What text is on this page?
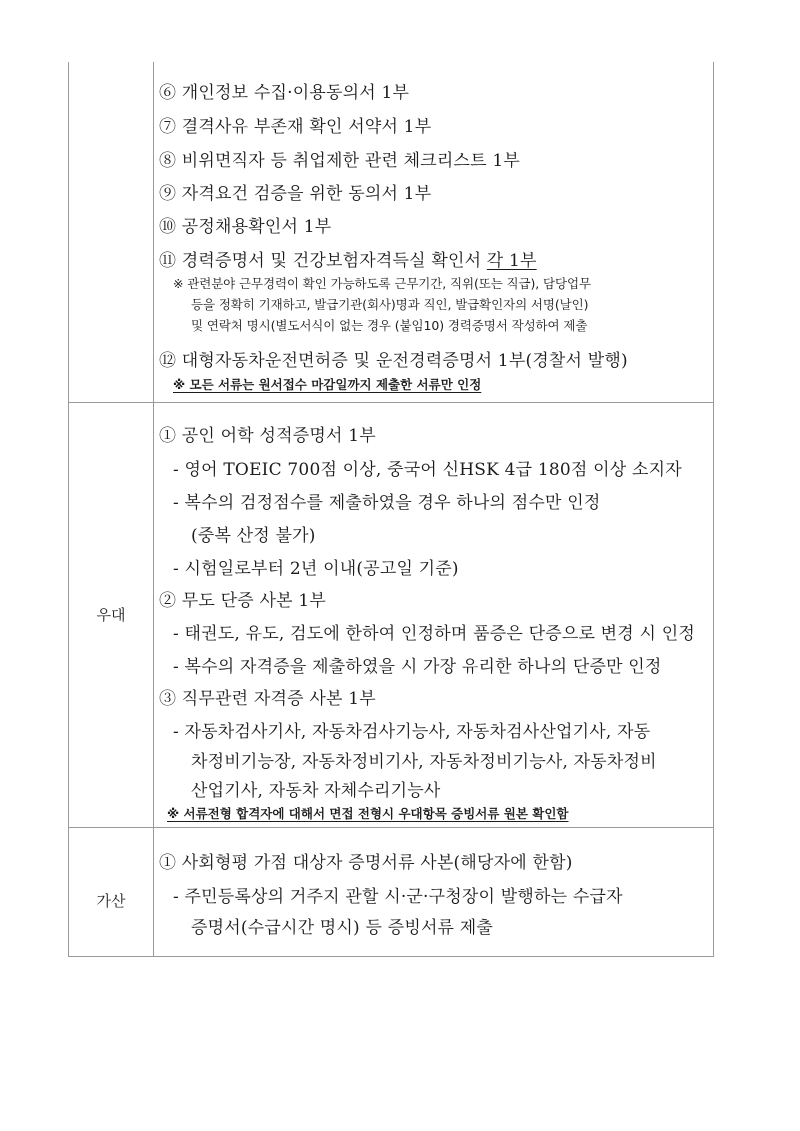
⑥ 개인정보 수집·이용동의서 1부
⑦ 결격사유 부존재 확인 서약서 1부
⑧ 비위면직자 등 취업제한 관련 체크리스트 1부
⑨ 자격요건 검증을 위한 동의서 1부
⑩ 공정채용확인서 1부
⑪ 경력증명서 및 건강보험자격득실 확인서 각 1부
※ 관련분야 근무경력이 확인 가능하도록 근무기간, 직위(또는 직급), 담당업무
등을 정확히 기재하고, 발급기관(회사)명과 직인, 발급확인자의 서명(날인)
및 연락처 명시(별도서식이 없는 경우 (붙임10) 경력증명서 작성하여 제출
⑫ 대형자동차운전면허증 및 운전경력증명서 1부(경찰서 발행)
※ 모든 서류는 원서접수 마감일까지 제출한 서류만 인정
우대
① 공인 어학 성적증명서 1부
- 영어 TOEIC 700점 이상, 중국어 신HSK 4급 180점 이상 소지자
- 복수의 검정점수를 제출하였을 경우 하나의 점수만 인정
(중복 산정 불가)
- 시험일로부터 2년 이내(공고일 기준)
② 무도 단증 사본 1부
- 태권도, 유도, 검도에 한하여 인정하며 품증은 단증으로 변경 시 인정
- 복수의 자격증을 제출하였을 시 가장 유리한 하나의 단증만 인정
③ 직무관련 자격증 사본 1부
- 자동차검사기사, 자동차검사기능사, 자동차검사산업기사, 자동
차정비기능장, 자동차정비기사, 자동차정비기능사, 자동차정비
산업기사, 자동차 자체수리기능사
※ 서류전형 합격자에 대해서 면접 전형시 우대항목 증빙서류 원본 확인함
가산
① 사회형평 가점 대상자 증명서류 사본(해당자에 한함)
- 주민등록상의 거주지 관할 시·군·구청장이 발행하는 수급자
증명서(수급시간 명시) 등 증빙서류 제출
